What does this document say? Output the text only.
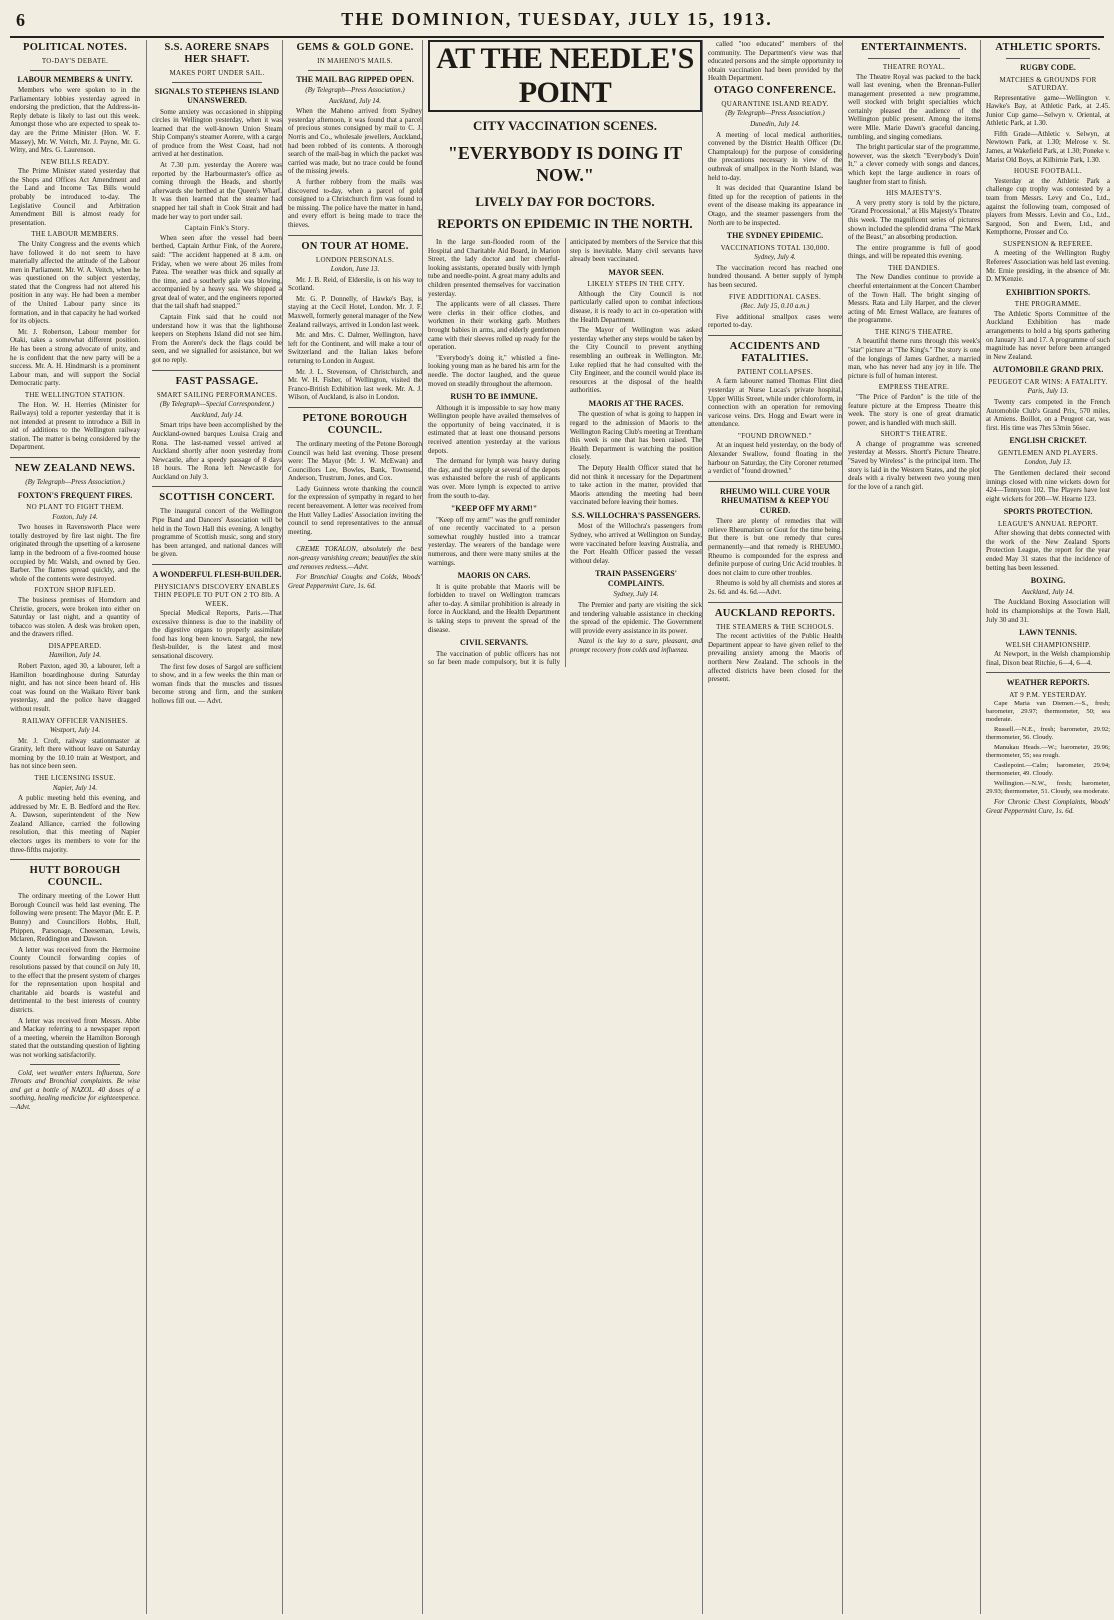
6	THE DOMINION, TUESDAY, JULY 15, 1913.
POLITICAL NOTES.
TO-DAY'S DEBATE.
LABOUR MEMBERS & UNITY.

Members who were spoken to in the Parliamentary lobbies yesterday agreed in endorsing the prediction, that the Address-in-Reply debate is likely to last out this week. Amongst those who are expected to speak to-day are the Prime Minister (Hon. W. F. Massey), Mr. W. Veitch, Mr. J. Payne, Mr. G. Witty, and Mrs. G. Laurenson.

NEW BILLS READY.

The Prime Minister stated yesterday that the Shops and Offices Act Amendment and the Land and Income Tax Bills would probably be introduced to-day. The Legislative Council and Arbitration Amendment Bill is almost ready for presentation.

THE LABOUR MEMBERS.

The Unity Congress and the events which have followed it do not seem to have materially affected the attitude of the Labour men in Parliament. Mr. W. A. Veitch, when he was questioned on the subject yesterday, stated that the Congress had not altered his position in any way. He had been a member of the United Labour party since its formation, and in that capacity he had worked for its objects.

Mr. J. Robertson, Labour member for Otaki, takes a somewhat different position. He has been a strong advocate of unity, and he is confident that the new party will be a success. Mr. A. H. Hindmarsh is a prominent Labour man, and will support the Social Democratic party.

THE WELLINGTON STATION.

The Hon. W. H. Herries (Minister for Railways) told a reporter yesterday that it is not intended at present to introduce a Bill in aid of additions to the Wellington railway station. The matter is being considered by the Department.

NEW ZEALAND NEWS.
(By Telegraph—Press Association.)
FOXTON'S FREQUENT FIRES.
NO PLANT TO FIGHT THEM.
Foxton, July 14.

Two houses in Ravensworth Place were totally destroyed by fire last night. The fire originated through the upsetting of a kerosene lamp in the bedroom of a five-roomed house occupied by Mr. Walsh, and owned by Geo. Barber. The flames spread quickly, and the whole of the contents were destroyed.

FOXTON SHOP RIFLED.

The business premises of Horndorn and Christie, grocers, were broken into either on Saturday or last night, and a quantity of tobacco was stolen. A desk was broken open, and the drawers rifled.

DISAPPEARED.
Hamilton, July 14.

Robert Paxton, aged 30, a labourer, left a Hamilton boardinghouse during Saturday night, and has not since been heard of. His coat was found on the Waikato River bank yesterday, and the police have dragged without result.

RAILWAY OFFICER VANISHES.
Westport, July 14.

Mr. J. Croft, railway stationmaster at Granity, left there without leave on Saturday morning by the 10.10 train at Westport, and has not since been seen.

THE LICENSING ISSUE.
Napier, July 14.

A public meeting held this evening, and addressed by Mr. E. B. Bedford and the Rev. A. Dawson, superintendent of the New Zealand Alliance, carried the following resolution, that this meeting of Napier electors urges its members to vote for the three-fifths majority.

HUTT BOROUGH COUNCIL.

The ordinary meeting of the Lower Hutt Borough Council was held last evening. The following were present: The Mayor (Mr. E. P. Bunny) and Councillors Hobbs, Hull, Phippen, Parsonage, Cheeseman, Lewis, Mclaren, Reddington and Dawson.

A letter was received from the Hermoine County Council forwarding copies of resolutions passed by that council on July 10, to the effect that the present system of charges for the representation upon hospital and charitable aid boards is wasteful and detrimental to the best interests of country districts.

A letter was received from Messrs. Abbe and Mackay referring to a newspaper report of a meeting, wherein the Hamilton Borough stated that the outstanding question of lighting was not working satisfactorily.

Cold, wet weather enters Influenza, Sore Throats and Bronchial complaints. Be wise and get a bottle of NAZOL. 40 doses of a soothing, healing medicine for eighteenpence.—Advt.

S.S. AORERE SNAPS HER SHAFT.
MAKES PORT UNDER SAIL.
SIGNALS TO STEPHENS ISLAND UNANSWERED.

Some anxiety was occasioned in shipping circles in Wellington yesterday, when it was learned that the well-known Union Steam Ship Company's steamer Aorere, with a cargo of produce from the West Coast, had not arrived at her destination.

At 7.30 p.m. yesterday the Aorere was reported by the Harbourmaster's office as coming through the Heads, and shortly afterwards she berthed at the Queen's Wharf. It was then learned that the steamer had snapped her tail shaft in Cook Strait and had made her way to port under sail.

Captain Fink's Story.

When seen after the vessel had been berthed, Captain Arthur Fink, of the Aorere, said: "The accident happened at 8 a.m. on Friday, when we were about 26 miles from Patea. The weather was thick and squally at the time, and a southerly gale was blowing, accompanied by a heavy sea. We shipped a great deal of water, and the engineers reported that the tail shaft had snapped."

Captain Fink said that he could not understand how it was that the lighthouse keepers on Stephens Island did not see him. From the Aorere's deck the flags could be seen, and we signalled for assistance, but we got no reply.

FAST PASSAGE.
SMART SAILING PERFORMANCES.
(By Telegraph—Special Correspondent.)
Auckland, July 14.

Smart trips have been accomplished by the Auckland-owned barques Louisa Craig and Rona. The last-named vessel arrived at Auckland shortly after noon yesterday from Newcastle, after a speedy passage of 8 days 18 hours. The Rona left Newcastle for Auckland on July 3.

SCOTTISH CONCERT.

The inaugural concert of the Wellington Pipe Band and Dancers' Association will be held in the Town Hall this evening. A lengthy programme of Scottish music, song and story has been arranged, and national dances will be given.

A WONDERFUL FLESH-BUILDER.
PHYSICIAN'S DISCOVERY ENABLES THIN PEOPLE TO PUT ON 2 TO 8lb. A WEEK.

Special Medical Reports, Paris.—That excessive thinness is due to the inability of the digestive organs to properly assimilate food has long been known. Sargol, the new flesh-builder, is the latest and most sensational discovery.

The first few doses of Sargol are sufficient to show, and in a few weeks the thin man or woman finds that the muscles and tissues become strong and firm, and the sunken hollows fill out. — Advt.

GEMS & GOLD GONE.
IN MAHENO'S MAILS.
THE MAIL BAG RIPPED OPEN.
(By Telegraph—Press Association.)
Auckland, July 14.

When the Maheno arrived from Sydney yesterday afternoon, it was found that a parcel of precious stones consigned by mail to C. J. Norris and Co., wholesale jewellers, Auckland, had been robbed of its contents. A thorough search of the mail-bag in which the packet was carried was made, but no trace could be found of the missing jewels.

A further robbery from the mails was discovered to-day, when a parcel of gold consigned to a Christchurch firm was found to be missing. The police have the matter in hand, and every effort is being made to trace the thieves.

ON TOUR AT HOME.
LONDON PERSONALS.
London, June 13.

Mr. J. B. Reid, of Elderslie, is on his way to Scotland.

Mr. G. P. Donnelly, of Hawke's Bay, is staying at the Cecil Hotel, London. Mr. J. F. Maxwell, formerly general manager of the New Zealand railways, arrived in London last week.

Mr. and Mrs. C. Dalmer, Wellington, have left for the Continent, and will make a tour of Switzerland and the Italian lakes before returning to London in August.

Mr. J. L. Stevenson, of Christchurch, and Mr. W. H. Fisher, of Wellington, visited the Franco-British Exhibition last week. Mr. A. J. Wilson, of Auckland, is also in London.

PETONE BOROUGH COUNCIL.

The ordinary meeting of the Petone Borough Council was held last evening. Those present were: The Mayor (Mr. J. W. McEwan) and Councillors Lee, Bowles, Bank, Townsend, Anderson, Trustrum, Jones, and Cox.

Lady Guinness wrote thanking the council for the expression of sympathy in regard to her recent bereavement. A letter was received from the Hutt Valley Ladies' Association inviting the council to send representatives to the annual meeting.

CREME TOKALON, absolutely the best non-greasy vanishing cream; beautifies the skin and removes redness.—Advt.

For Bronchial Coughs and Colds, Woods' Great Peppermint Cure, 1s. 6d.

AT THE NEEDLE'S POINT
CITY VACCINATION SCENES.
"EVERYBODY IS DOING IT NOW."
LIVELY DAY FOR DOCTORS.
REPORTS ON EPIDEMIC IN THE NORTH.

In the large sun-flooded room of the Hospital and Charitable Aid Board, in Marion Street, the lady doctor and her cheerful-looking assistants, operated busily with lymph tube and needle-point. A great many adults and children presented themselves for vaccination yesterday.

The applicants were of all classes. There were clerks in their office clothes, and workmen in their working garb. Mothers brought babies in arms, and elderly gentlemen came with their sleeves rolled up ready for the operation.

"Everybody's doing it," whistled a fine-looking young man as he bared his arm for the needle. The doctor laughed, and the queue moved on steadily throughout the afternoon.

RUSH TO BE IMMUNE.

Although it is impossible to say how many Wellington people have availed themselves of the opportunity of being vaccinated, it is estimated that at least one thousand persons received attention yesterday at the various depots.

The demand for lymph was heavy during the day, and the supply at several of the depots was exhausted before the rush of applicants was over. More lymph is expected to arrive from the south to-day.

"KEEP OFF MY ARM!"

"Keep off my arm!" was the gruff reminder of one recently vaccinated to a person somewhat roughly hustled into a tramcar yesterday. The wearers of the bandage were numerous, and there were many smiles at the warnings.

MAORIS ON CARS.

It is quite probable that Maoris will be forbidden to travel on Wellington tramcars after to-day. A similar prohibition is already in force in Auckland, and the Health Department is taking steps to prevent the spread of the disease.

CIVIL SERVANTS.

The vaccination of public officers has not so far been made compulsory, but it is fully anticipated by members of the Service that this step is inevitable. Many civil servants have already been vaccinated.

MAYOR SEEN.
LIKELY STEPS IN THE CITY.

Although the City Council is not particularly called upon to combat infectious disease, it is ready to act in co-operation with the Health Department.

The Mayor of Wellington was asked yesterday whether any steps would be taken by the City Council to prevent anything resembling an outbreak in Wellington. Mr. Luke replied that he had consulted with the City Engineer, and the council would place its resources at the disposal of the health authorities.

MAORIS AT THE RACES.

The question of what is going to happen in regard to the admission of Maoris to the Wellington Racing Club's meeting at Trentham this week is one that has been raised. The Health Department is watching the position closely.

The Deputy Health Officer stated that he did not think it necessary for the Department to take action in the matter, provided that Maoris attending the meeting had been vaccinated before leaving their homes.

S.S. WILLOCHRA'S PASSENGERS.

Most of the Willochra's passengers from Sydney, who arrived at Wellington on Sunday, were vaccinated before leaving Australia, and the Port Health Officer passed the vessel without delay.

TRAIN PASSENGERS' COMPLAINTS.
Sydney, July 14.

The Premier and party are visiting the sick and tendering valuable assistance in checking the spread of the epidemic. The Government will provide every assistance in its power.

Nazol is the key to a sure, pleasant, and prompt recovery from colds and influenza.

called "too educated" members of the community. The Department's view was that educated persons and the simple opportunity to obtain vaccination had been provided by the Health Department.

OTAGO CONFERENCE.
QUARANTINE ISLAND READY.
(By Telegraph—Press Association.)
Dunedin, July 14.

A meeting of local medical authorities, convened by the District Health Officer (Dr. Champtaloup) for the purpose of considering the precautions necessary in view of the outbreak of smallpox in the North Island, was held to-day.

It was decided that Quarantine Island be fitted up for the reception of patients in the event of the disease making its appearance in Otago, and the steamer passengers from the North are to be inspected.

THE SYDNEY EPIDEMIC.
VACCINATIONS TOTAL 130,000.
Sydney, July 4.

The vaccination record has reached one hundred thousand. A better supply of lymph has been secured.

FIVE ADDITIONAL CASES.
(Rec. July 15, 0.10 a.m.)

Five additional smallpox cases were reported to-day.

ACCIDENTS AND FATALITIES.
PATIENT COLLAPSES.

A farm labourer named Thomas Flint died yesterday at Nurse Lucas's private hospital, Upper Willis Street, while under chloroform, in connection with an operation for removing varicose veins. Drs. Hogg and Ewart were in attendance.

"FOUND DROWNED."

At an inquest held yesterday, on the body of Alexander Swallow, found floating in the harbour on Saturday, the City Coroner returned a verdict of "found drowned."

RHEUMO WILL CURE YOUR RHEUMATISM & KEEP YOU CURED.

There are plenty of remedies that will relieve Rheumatism or Gout for the time being. But there is but one remedy that cures permanently—and that remedy is RHEUMO. Rheumo is compounded for the express and definite purpose of curing Uric Acid troubles. It does not claim to cure other troubles.

Rheumo is sold by all chemists and stores at 2s. 6d. and 4s. 6d.—Advt.

AUCKLAND REPORTS.
THE STEAMERS & THE SCHOOLS.

The recent activities of the Public Health Department appear to have given relief to the prevailing anxiety among the Maoris of northern New Zealand. The schools in the affected districts have been closed for the present.

ENTERTAINMENTS.
THEATRE ROYAL.

The Theatre Royal was packed to the back wall last evening, when the Brennan-Fuller management presented a new programme, well stocked with bright specialties which certainly pleased the audience of the Wellington public present. Among the items were Mlle. Marie Dawn's graceful dancing, tumbling, and singing comedians.

The bright particular star of the programme, however, was the sketch "Everybody's Doin' It," a clever comedy with songs and dances, which kept the large audience in roars of laughter from start to finish.

HIS MAJESTY'S.

A very pretty story is told by the picture, "Grand Processional," at His Majesty's Theatre this week. The magnificent series of pictures shown included the splendid drama "The Mark of the Beast," an absorbing production.

The entire programme is full of good things, and will be repeated this evening.

THE DANDIES.

The New Dandies continue to provide a cheerful entertainment at the Concert Chamber of the Town Hall. The bright singing of Messrs. Rata and Lily Harper, and the clever acting of Mr. Ernest Wallace, are features of the programme.

THE KING'S THEATRE.

A beautiful theme runs through this week's "star" picture at "The King's." The story is one of the longings of James Gardner, a married man, who has never had any joy in life. The picture is full of human interest.

EMPRESS THEATRE.

"The Price of Pardon" is the title of the feature picture at the Empress Theatre this week. The story is one of great dramatic power, and is handled with much skill.

SHORT'S THEATRE.

A change of programme was screened yesterday at Messrs. Shortt's Picture Theatre. "Saved by Wireless" is the principal item. The story is laid in the Western States, and the plot deals with a rivalry between two young men for the love of a ranch girl.

ATHLETIC SPORTS.
RUGBY CODE.
MATCHES & GROUNDS FOR SATURDAY.

Representative game—Wellington v. Hawke's Bay, at Athletic Park, at 2.45. Junior Cup game—Selwyn v. Oriental, at Athletic Park, at 1.30.

Fifth Grade—Athletic v. Selwyn, at Newtown Park, at 1.30; Melrose v. St. James, at Wakefield Park, at 1.30; Poneke v. Marist Old Boys, at Kilbirnie Park, 1.30.

HOUSE FOOTBALL.

Yesterday at the Athletic Park a challenge cup trophy was contested by a team from Messrs. Levy and Co., Ltd., against the following team, composed of players from Messrs. Levin and Co., Ltd., Sargood, Son and Ewen, Ltd., and Kempthorne, Prosser and Co.

SUSPENSION & REFEREE.

A meeting of the Wellington Rugby Referees' Association was held last evening. Mr. Ernie presiding, in the absence of Mr. D. M'Kenzie.

EXHIBITION SPORTS.
THE PROGRAMME.

The Athletic Sports Committee of the Auckland Exhibition has made arrangements to hold a big sports gathering on January 31 and 17. A programme of such magnitude has never before been arranged in New Zealand.

AUTOMOBILE GRAND PRIX.
PEUGEOT CAR WINS: A FATALITY.
Paris, July 13.

Twenty cars competed in the French Automobile Club's Grand Prix, 570 miles, at Amiens. Boillot, on a Peugeot car, was first. His time was 7hrs 53min 56sec.

ENGLISH CRICKET.
GENTLEMEN AND PLAYERS.
London, July 13.

The Gentlemen declared their second innings closed with nine wickets down for 424—Tennyson 102. The Players have lost eight wickets for 200—W. Hearne 123.

SPORTS PROTECTION.
LEAGUE'S ANNUAL REPORT.

After showing that debts connected with the work of the New Zealand Sports Protection League, the report for the year ended May 31 states that the incidence of betting has been lessened.

BOXING.
Auckland, July 14.

The Auckland Boxing Association will hold its championships at the Town Hall, July 30 and 31.

LAWN TENNIS.
WELSH CHAMPIONSHIP.

At Newport, in the Welsh championship final, Dixon beat Ritchie, 6—4, 6—4.

WEATHER REPORTS.
AT 9 P.M. YESTERDAY.

Cape Maria van Diemen.—S., fresh; barometer, 29.97; thermometer, 50; sea moderate.

Russell.—N.E., fresh; barometer, 29.92; thermometer, 56. Cloudy.

Manukau Heads.—W.; barometer, 29.96; thermometer, 55; sea rough.

Castlepoint.—Calm; barometer, 29.94; thermometer, 49. Cloudy.

Wellington.—N.W., fresh; barometer, 29.93; thermometer, 51. Cloudy, sea moderate.

For Chronic Chest Complaints, Woods' Great Peppermint Cure, 1s. 6d.
